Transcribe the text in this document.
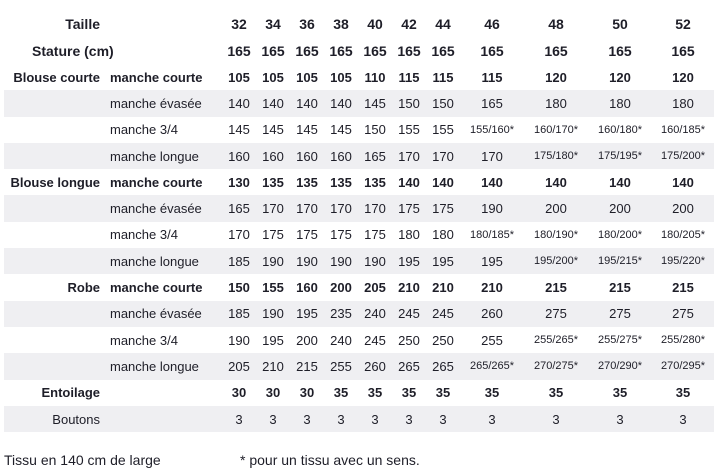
Taille		32	34	36	38	40	42	44	46	48	50	52
Stature (cm)		165	165	165	165	165	165	165	165	165	165	165
Blouse courte	manche courte	105	105	105	105	110	115	115	115	120	120	120
	manche évasée	140	140	140	140	145	150	150	165	180	180	180
	manche 3/4	145	145	145	145	150	155	155	155/160*	160/170*	160/180*	160/185*
	manche longue	160	160	160	160	165	170	170	170	175/180*	175/195*	175/200*
Blouse longue	manche courte	130	135	135	135	135	140	140	140	140	140	140
	manche évasée	165	170	170	170	170	175	175	190	200	200	200
	manche 3/4	170	175	175	175	175	180	180	180/185*	180/190*	180/200*	180/205*
	manche longue	185	190	190	190	190	195	195	195	195/200*	195/215*	195/220*
Robe	manche courte	150	155	160	200	205	210	210	210	215	215	215
	manche évasée	185	190	195	235	240	245	245	260	275	275	275
	manche 3/4	190	195	200	240	245	250	250	255	255/265*	255/275*	255/280*
	manche longue	205	210	215	255	260	265	265	265/265*	270/275*	270/290*	270/295*
Entoilage		30	30	30	35	35	35	35	35	35	35	35
Boutons		3	3	3	3	3	3	3	3	3	3	3
Tissu en 140 cm de large	* pour un tissu avec un sens.
